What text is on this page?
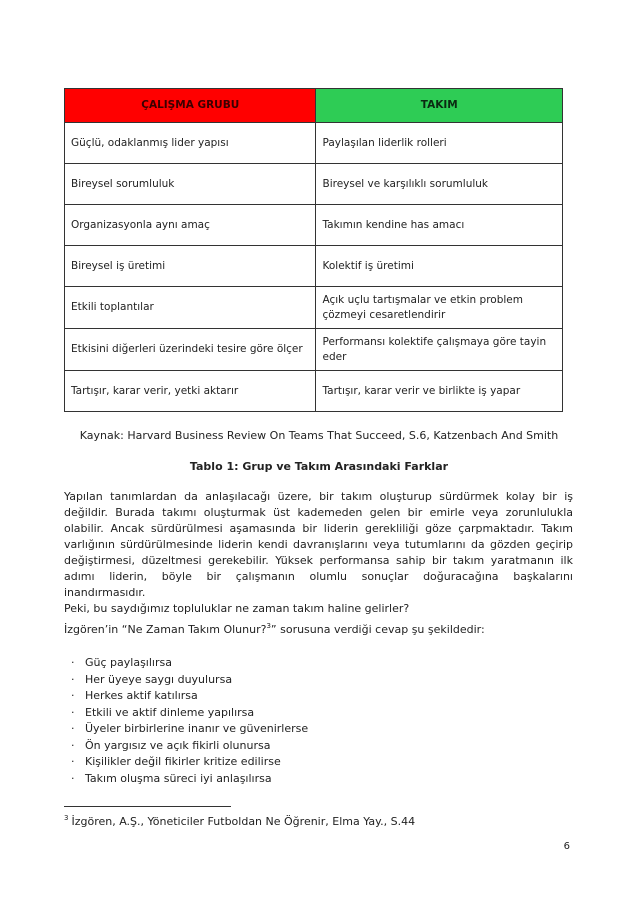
ÇALIŞMA GRUBU	TAKIM
Güçlü, odaklanmış lider yapısı	Paylaşılan liderlik rolleri
Bireysel sorumluluk	Bireysel ve karşılıklı sorumluluk
Organizasyonla aynı amaç	Takımın kendine has amacı
Bireysel iş üretimi	Kolektif iş üretimi
Etkili toplantılar	Açık uçlu tartışmalar ve etkin problem çözmeyi cesaretlendirir
Etkisini diğerleri üzerindeki tesire göre ölçer	Performansı kolektife çalışmaya göre tayin eder
Tartışır, karar verir, yetki aktarır	Tartışır, karar verir ve birlikte iş yapar
Kaynak: Harvard Business Review On Teams That Succeed, S.6, Katzenbach And Smith
Tablo 1: Grup ve Takım Arasındaki Farklar

Yapılan tanımlardan da anlaşılacağı üzere, bir takım oluşturup sürdürmek kolay bir iş
değildir. Burada takımı oluşturmak üst kademeden gelen bir emirle veya zorunlulukla
olabilir. Ancak sürdürülmesi aşamasında bir liderin gerekliliği göze çarpmaktadır. Takım
varlığının sürdürülmesinde liderin kendi davranışlarını veya tutumlarını da gözden geçirip
değiştirmesi, düzeltmesi gerekebilir. Yüksek performansa sahip bir takım yaratmanın ilk
adımı liderin, böyle bir çalışmanın olumlu sonuçlar doğuracağına başkalarını
inandırmasıdır.
Peki, bu saydığımız topluluklar ne zaman takım haline gelirler?

İzgören’in “Ne Zaman Takım Olunur?$^3$” sorusuna verdiği cevap şu şekildedir:
· Güç paylaşılırsa
· Her üyeye saygı duyulursa
· Herkes aktif katılırsa
· Etkili ve aktif dinleme yapılırsa
· Üyeler birbirlerine inanır ve güvenirlerse
· Ön yargısız ve açık fikirli olunursa
· Kişilikler değil fikirler kritize edilirse
· Takım oluşma süreci iyi anlaşılırsa
$^3$ İzgören, A.Ş., Yöneticiler Futboldan Ne Öğrenir, Elma Yay., S.44
6
